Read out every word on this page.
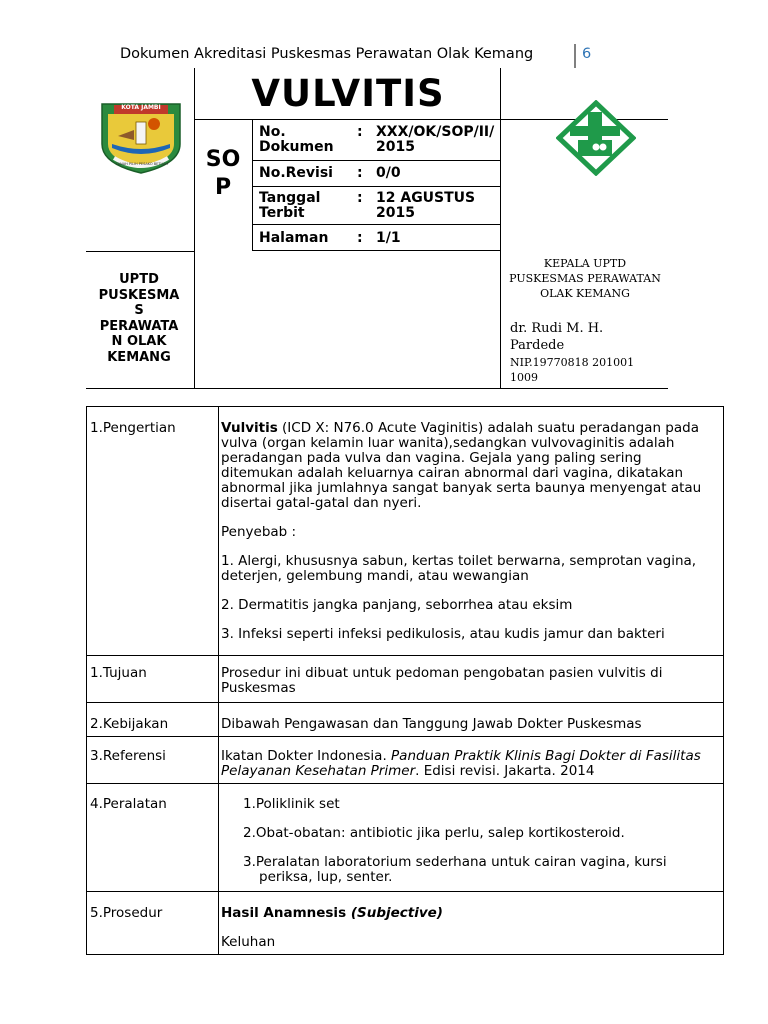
Dokumen Akreditasi Puskesmas Perawatan Olak Kemang	6
VULVITIS
SO
P
No. Dokumen
: XXX/OK/SOP/II/2015
No.Revisi : 0/0
Tanggal Terbit
: 12 AGUSTUS 2015
Halaman : 1/1
KOTA JAMBI
TANAH PILIH PESAKO BETUAH
UPTD
PUSKESMA
S
PERAWATA
N OLAK
KEMANG
KEPALA UPTD
PUSKESMAS PERAWATAN
OLAK KEMANG
dr. Rudi M. H.
Pardede
NIP.19770818 201001
1009
1.Pengertian	Vulvitis (ICD X: N76.0 Acute Vaginitis) adalah suatu peradangan pada vulva (organ kelamin luar wanita),sedangkan vulvovaginitis adalah peradangan pada vulva dan vagina. Gejala yang paling sering ditemukan adalah keluarnya cairan abnormal dari vagina, dikatakan abnormal jika jumlahnya sangat banyak serta baunya menyengat atau disertai gatal-gatal dan nyeri.

Penyebab :

1. Alergi, khususnya sabun, kertas toilet berwarna, semprotan vagina, deterjen, gelembung mandi, atau wewangian

2. Dermatitis jangka panjang, seborrhea atau eksim

3. Infeksi seperti infeksi pedikulosis, atau kudis jamur dan bakteri

1.Tujuan	Prosedur ini dibuat untuk pedoman pengobatan pasien vulvitis di Puskesmas
2.Kebijakan	Dibawah Pengawasan dan Tanggung Jawab Dokter Puskesmas
3.Referensi	Ikatan Dokter Indonesia. Panduan Praktik Klinis Bagi Dokter di Fasilitas Pelayanan Kesehatan Primer. Edisi revisi. Jakarta. 2014
4.Peralatan	1.Poliklinik set

2.Obat-obatan: antibiotic jika perlu, salep kortikosteroid.

3.Peralatan laboratorium sederhana untuk cairan vagina, kursi
periksa, lup, senter.

5.Prosedur	Hasil Anamnesis (Subjective)

Keluhan
